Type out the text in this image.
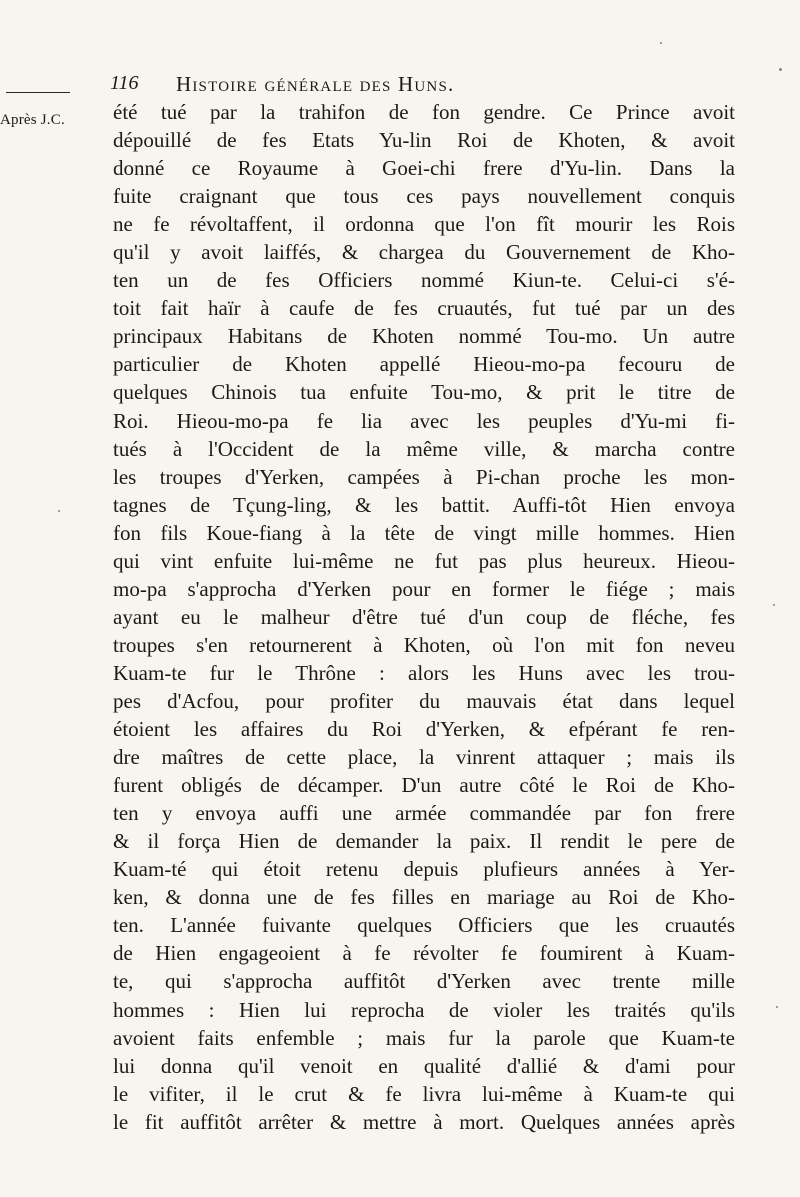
Après J.C.
116 Histoire générale des Huns.
été tué par la trahifon de fon gendre. Ce Prince avoit
dépouillé de fes Etats Yu-lin Roi de Khoten, & avoit
donné ce Royaume à Goei-chi frere d'Yu-lin. Dans la
fuite craignant que tous ces pays nouvellement conquis
ne fe révoltaffent, il ordonna que l'on fît mourir les Rois
qu'il y avoit laiffés, & chargea du Gouvernement de Kho-
ten un de fes Officiers nommé Kiun-te. Celui-ci s'é-
toit fait haïr à caufe de fes cruautés, fut tué par un des
principaux Habitans de Khoten nommé Tou-mo. Un autre
particulier de Khoten appellé Hieou-mo-pa fecouru de
quelques Chinois tua enfuite Tou-mo, & prit le titre de
Roi. Hieou-mo-pa fe lia avec les peuples d'Yu-mi fi-
tués à l'Occident de la même ville, & marcha contre
les troupes d'Yerken, campées à Pi-chan proche les mon-
tagnes de Tçung-ling, & les battit. Auffi-tôt Hien envoya
fon fils Koue-fiang à la tête de vingt mille hommes. Hien
qui vint enfuite lui-même ne fut pas plus heureux. Hieou-
mo-pa s'approcha d'Yerken pour en former le fiége ; mais
ayant eu le malheur d'être tué d'un coup de fléche, fes
troupes s'en retournerent à Khoten, où l'on mit fon neveu
Kuam-te fur le Thrône : alors les Huns avec les trou-
pes d'Acfou, pour profiter du mauvais état dans lequel
étoient les affaires du Roi d'Yerken, & efpérant fe ren-
dre maîtres de cette place, la vinrent attaquer ; mais ils
furent obligés de décamper. D'un autre côté le Roi de Kho-
ten y envoya auffi une armée commandée par fon frere
& il força Hien de demander la paix. Il rendit le pere de
Kuam-té qui étoit retenu depuis plufieurs années à Yer-
ken, & donna une de fes filles en mariage au Roi de Kho-
ten. L'année fuivante quelques Officiers que les cruautés
de Hien engageoient à fe révolter fe foumirent à Kuam-
te, qui s'approcha auffitôt d'Yerken avec trente mille
hommes : Hien lui reprocha de violer les traités qu'ils
avoient faits enfemble ; mais fur la parole que Kuam-te
lui donna qu'il venoit en qualité d'allié & d'ami pour
le vifiter, il le crut & fe livra lui-même à Kuam-te qui
le fit auffitôt arrêter & mettre à mort. Quelques années après
